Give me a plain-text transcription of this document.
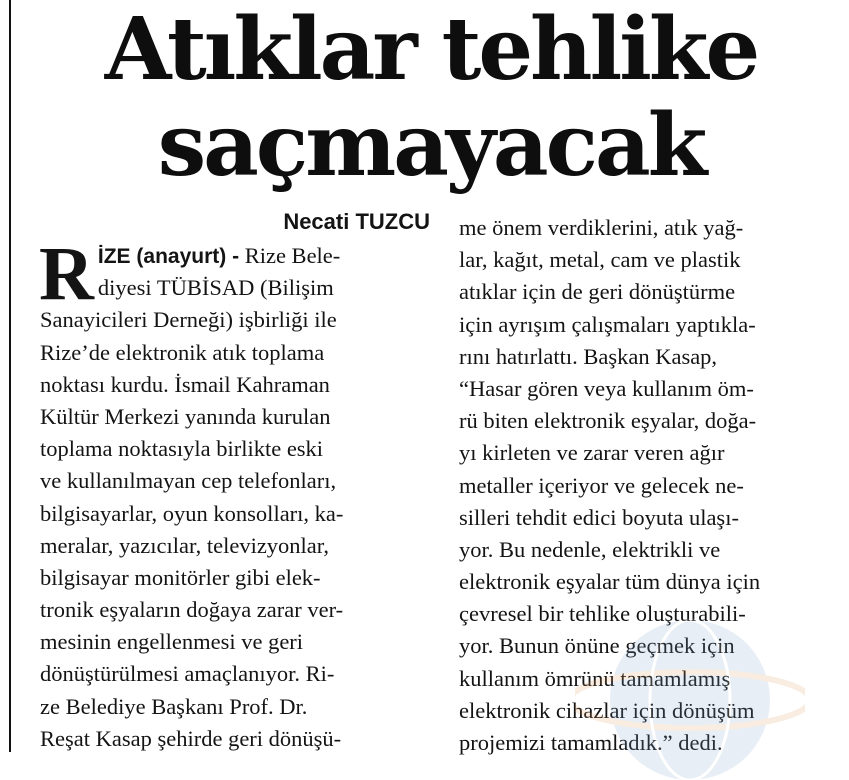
Atıklar tehlike
saçmayacak
Necati TUZCU
R İZE (anayurt) - Rize Bele-
diyesi TÜBİSAD (Bilişim
Sanayicileri Derneği) işbirliği ile
Rize’de elektronik atık toplama
noktası kurdu. İsmail Kahraman
Kültür Merkezi yanında kurulan
toplama noktasıyla birlikte eski
ve kullanılmayan cep telefonları,
bilgisayarlar, oyun konsolları, ka-
meralar, yazıcılar, televizyonlar,
bilgisayar monitörler gibi elek-
tronik eşyaların doğaya zarar ver-
mesinin engellenmesi ve geri
dönüştürülmesi amaçlanıyor. Ri-
ze Belediye Başkanı Prof. Dr.
Reşat Kasap şehirde geri dönüşü-
me önem verdiklerini, atık yağ-
lar, kağıt, metal, cam ve plastik
atıklar için de geri dönüştürme
için ayrışım çalışmaları yaptıkla-
rını hatırlattı. Başkan Kasap,
“Hasar gören veya kullanım öm-
rü biten elektronik eşyalar, doğa-
yı kirleten ve zarar veren ağır
metaller içeriyor ve gelecek ne-
silleri tehdit edici boyuta ulaşı-
yor. Bu nedenle, elektrikli ve
elektronik eşyalar tüm dünya için
çevresel bir tehlike oluşturabili-
yor. Bunun önüne geçmek için
kullanım ömrünü tamamlamış
elektronik cihazlar için dönüşüm
projemizi tamamladık.” dedi.
